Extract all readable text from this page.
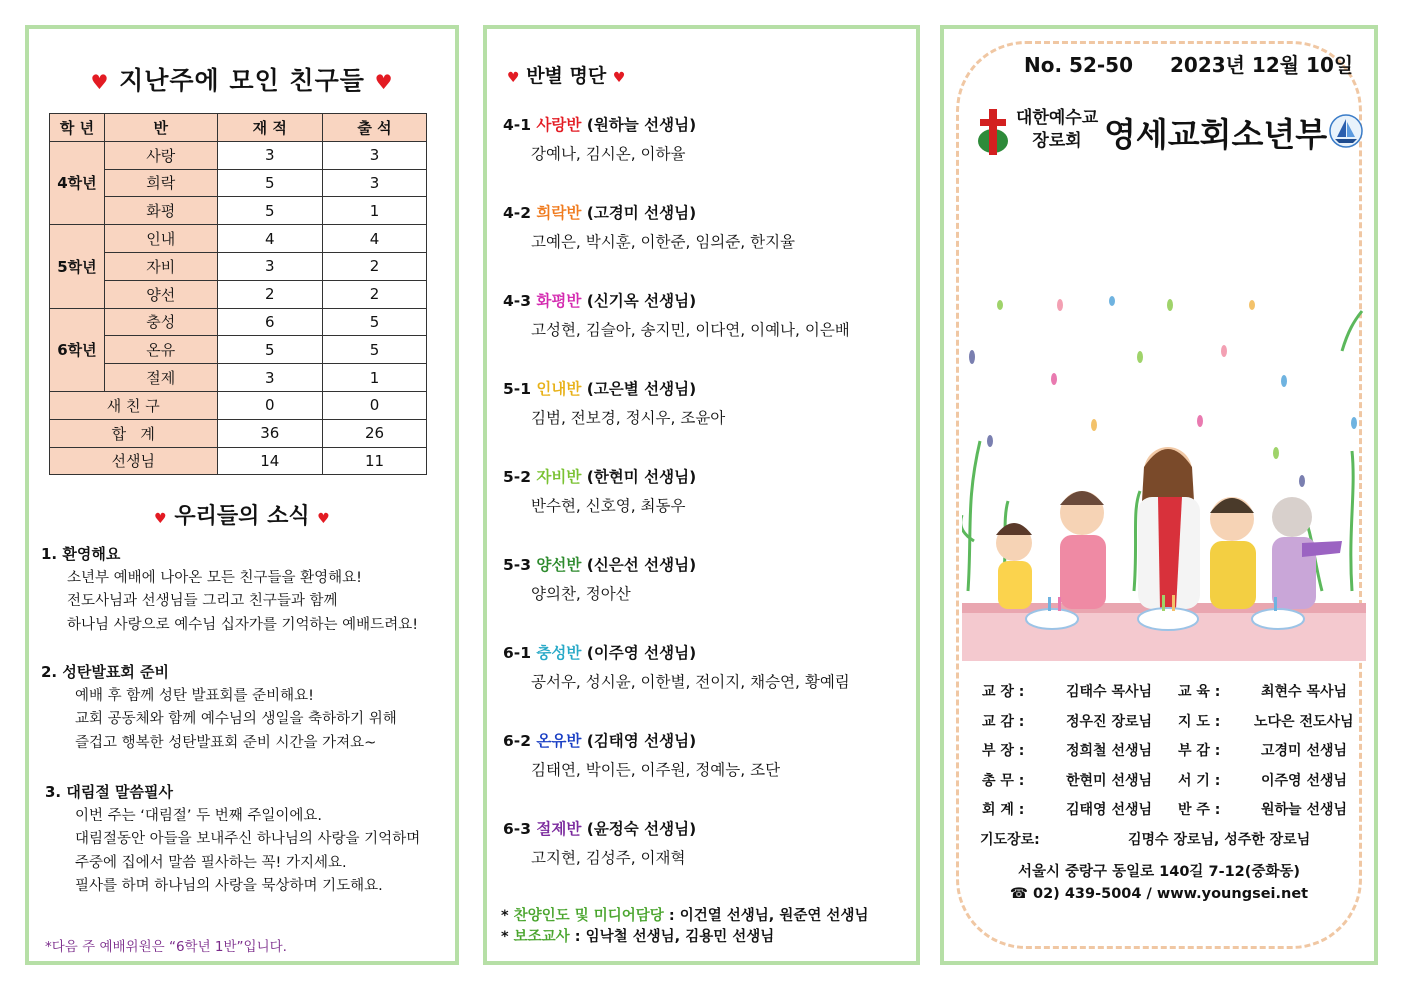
♥ 지난주에 모인 친구들 ♥
학 년	반	재 적	출 석
4학년	사랑	3	3
	희락	5	3
	화평	5	1
5학년	인내	4	4
	자비	3	2
	양선	2	2
6학년	충성	6	5
	온유	5	5
	절제	3	1
새 친 구		0	0
합   계		36	26
선생님		14	11
♥ 우리들의 소식 ♥
1. 환영해요
소년부 예배에 나아온 모든 친구들을 환영해요!
전도사님과 선생님들 그리고 친구들과 함께
하나님 사랑으로 예수님 십자가를 기억하는 예배드려요!
2. 성탄발표회 준비
예배 후 함께 성탄 발표회를 준비해요!
교회 공동체와 함께 예수님의 생일을 축하하기 위해
즐겁고 행복한 성탄발표회 준비 시간을 가져요~
3. 대림절 말씀필사
이번 주는 ‘대림절’ 두 번째 주일이에요.
대림절동안 아들을 보내주신 하나님의 사랑을 기억하며
주중에 집에서 말씀 필사하는 꼭! 가지세요.
필사를 하며 하나님의 사랑을 묵상하며 기도해요.
*다음 주 예배위원은 “6학년 1반”입니다.
♥ 반별 명단 ♥
4-1 사랑반 (원하늘 선생님)
강예나, 김시온, 이하율
4-2 희락반 (고경미 선생님)
고예은, 박시훈, 이한준, 임의준, 한지율
4-3 화평반 (신기옥 선생님)
고성현, 김슬아, 송지민, 이다연, 이예나, 이은배
5-1 인내반 (고은별 선생님)
김범, 전보경, 정시우, 조윤아
5-2 자비반 (한현미 선생님)
반수현, 신호영, 최동우
5-3 양선반 (신은선 선생님)
양의찬, 정아산
6-1 충성반 (이주영 선생님)
공서우, 성시윤, 이한별, 전이지, 채승연, 황예림
6-2 온유반 (김태영 선생님)
김태연, 박이든, 이주원, 정예능, 조단
6-3 절제반 (윤정숙 선생님)
고지현, 김성주, 이재혁
* 찬양인도 및 미디어담당 : 이건열 선생님, 원준연 선생님
* 보조교사 : 임낙철 선생님, 김용민 선생님
No. 52-50 2023년 12월 10일
대한예수교
장로회 영세교회소년부
교 장 :	김태수 목사님 교 육 :	최현수 목사님
교 감 :	정우진 장로님 지 도 :	노다은 전도사님
부 장 :	정희철 선생님 부 감 :	고경미 선생님
총 무 :	한현미 선생님 서 기 :	이주영 선생님
회 계 :	김태영 선생님 반 주 :	원하늘 선생님
기도장로:	김명수 장로님, 성주한 장로님
서울시 중랑구 동일로 140길 7-12(중화동)
☎ 02) 439-5004 / www.youngsei.net
